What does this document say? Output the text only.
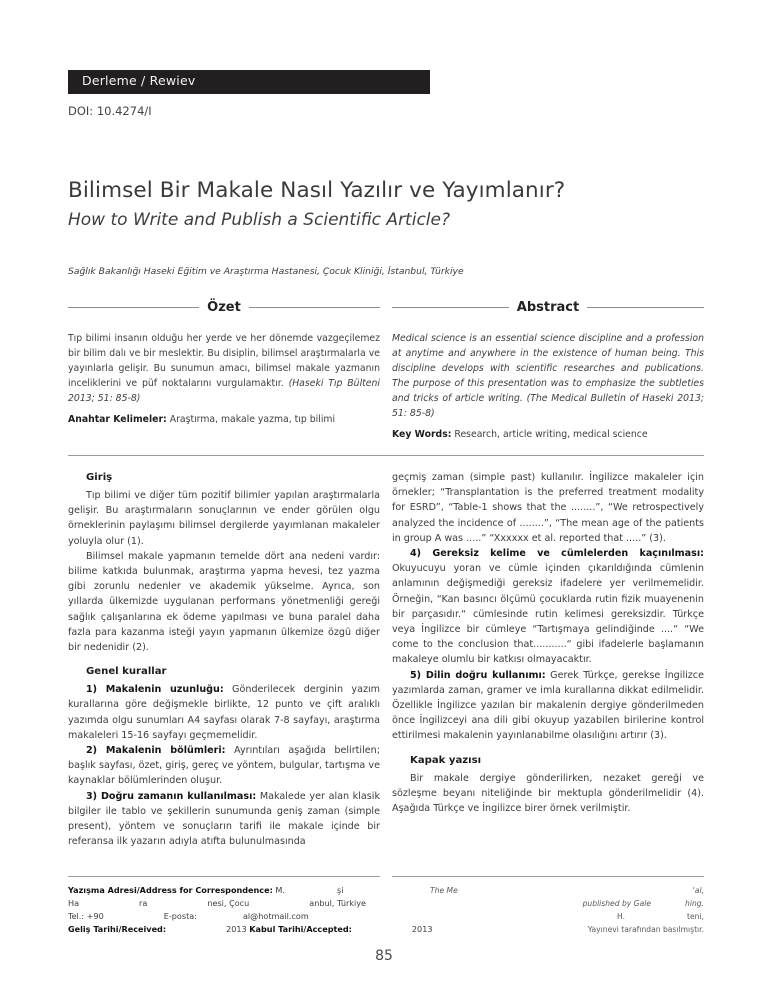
Derleme / Rewiev
DOI: 10.4274/I
Bilimsel Bir Makale Nasıl Yazılır ve Yayımlanır?
How to Write and Publish a Scientific Article?
Sağlık Bakanlığı Haseki Eğitim ve Araştırma Hastanesi, Çocuk Kliniği, İstanbul, Türkiye
Özet
Tıp bilimi insanın olduğu her yerde ve her dönemde vazgeçilemez bir bilim dalı ve bir meslektir. Bu disiplin, bilimsel araştırmalarla ve yayınlarla gelişir. Bu sunumun amacı, bilimsel makale yazmanın inceliklerini ve püf noktalarını vurgulamaktır. (Haseki Tıp Bülteni 2013; 51: 85-8)
Anahtar Kelimeler: Araştırma, makale yazma, tıp bilimi
Abstract
Medical science is an essential science discipline and a profession at anytime and anywhere in the existence of human being. This discipline develops with scientific researches and publications. The purpose of this presentation was to emphasize the subtleties and tricks of article writing. (The Medical Bulletin of Haseki 2013; 51: 85-8)
Key Words: Research, article writing, medical science
Giriş

Tıp bilimi ve diğer tüm pozitif bilimler yapılan araştırmalarla gelişir. Bu araştırmaların sonuçlarının ve ender görülen olgu örneklerinin paylaşımı bilimsel dergilerde yayımlanan makaleler yoluyla olur (1).

Bilimsel makale yapmanın temelde dört ana nedeni vardır: bilime katkıda bulunmak, araştırma yapma hevesi, tez yazma gibi zorunlu nedenler ve akademik yükselme. Ayrıca, son yıllarda ülkemizde uygulanan performans yönetmenliği gereği sağlık çalışanlarına ek ödeme yapılması ve buna paralel daha fazla para kazanma isteği yayın yapmanın ülkemize özgü diğer bir nedenidir (2).

Genel kurallar

1) Makalenin uzunluğu: Gönderilecek derginin yazım kurallarına göre değişmekle birlikte, 12 punto ve çift aralıklı yazımda olgu sunumları A4 sayfası olarak 7-8 sayfayı, araştırma makaleleri 15-16 sayfayı geçmemelidir.

2) Makalenin bölümleri: Ayrıntıları aşağıda belirtilen; başlık sayfası, özet, giriş, gereç ve yöntem, bulgular, tartışma ve kaynaklar bölümlerinden oluşur.

3) Doğru zamanın kullanılması: Makalede yer alan klasik bilgiler ile tablo ve şekillerin sunumunda geniş zaman (simple present), yöntem ve sonuçların tarifi ile makale içinde bir referansa ilk yazarın adıyla atıfta bulunulmasında

geçmiş zaman (simple past) kullanılır. İngilizce makaleler için örnekler; “Transplantation is the preferred treatment modality for ESRD”, “Table-1 shows that the ........”, “We retrospectively analyzed the incidence of ........”, “The mean age of the patients in group A was .....” “Xxxxxx et al. reported that .....” (3).

4) Gereksiz kelime ve cümlelerden kaçınılması: Okuyucuyu yoran ve cümle içinden çıkarıldığında cümlenin anlamının değişmediği gereksiz ifadelere yer verilmemelidir. Örneğin, “Kan basıncı ölçümü çocuklarda rutin fizik muayenenin bir parçasıdır.“ cümlesinde rutin kelimesi gereksizdir. Türkçe veya İngilizce bir cümleye “Tartışmaya gelindiğinde ....“ “We come to the conclusion that...........“ gibi ifadelerle başlamanın makaleye olumlu bir katkısı olmayacaktır.

5) Dilin doğru kullanımı: Gerek Türkçe, gerekse İngilizce yazımlarda zaman, gramer ve imla kurallarına dikkat edilmelidir. Özellikle İngilizce yazılan bir makalenin dergiye gönderilmeden önce İngilizceyi ana dili gibi okuyup yazabilen birilerine kontrol ettirilmesi makalenin yayınlanabilme olasılığını artırır (3).

Kapak yazısı

Bir makale dergiye gönderilirken, nezaket gereği ve sözleşme beyanı niteliğinde bir mektupla gönderilmelidir (4). Aşağıda Türkçe ve İngilizce birer örnek verilmiştir.

Yazışma Adresi/Address for Correspondence: M.	şi
Ha	ra	nesi, Çocu	anbul, Türkiye
Tel.: +90	E-posta:	al@hotmail.com
Geliş Tarihi/Received:	2013 Kabul Tarihi/Accepted:	2013
The Me	'al,
published by Gale	hing.
H.	teni,
Yayınevi tarafından basılmıştır.
85
